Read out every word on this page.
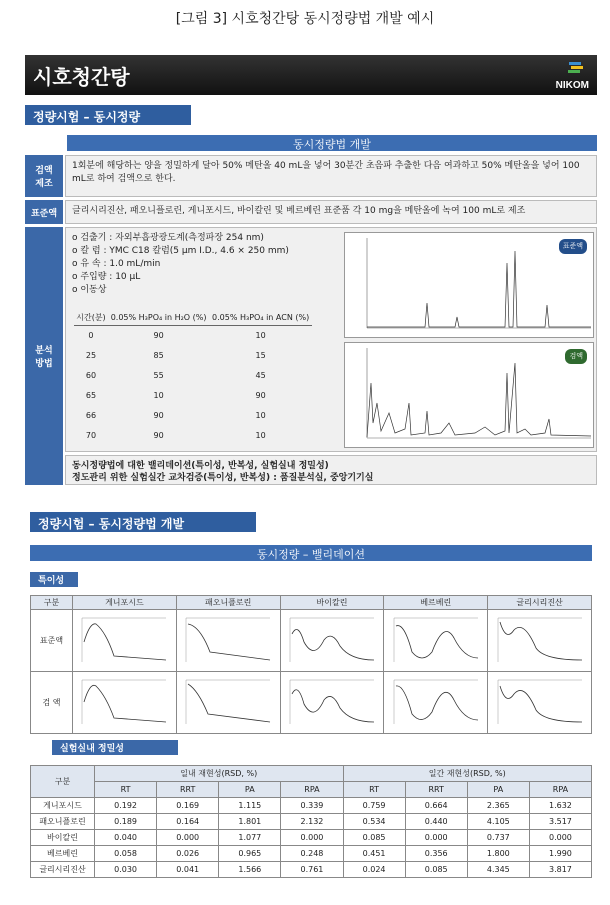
[그림 3] 시호청간탕 동시정량법 개발 예시
시호청간탕	NIKOM
정량시험 – 동시정량
동시정량법 개발
검액
제조
1회분에 해당하는 양을 정밀하게 달아 50% 메탄올 40 mL을 넣어 30분간 초음파 추출한 다음 여과하고 50% 메탄올을 넣어 100 mL로 하여 검액으로 한다.
표준액	글리시리진산, 패오니플로린, 게니포시드, 바이칼린 및 베르베린 표준품 각 10 mg을 메탄올에 녹여 100 mL로 제조
분석
방법
o 검출기 : 자외부흡광광도계(측정파장 254 nm)
o 칼 럼 : YMC C18 칼럼(5 μm I.D., 4.6 × 250 mm)
o 유 속 : 1.0 mL/min
o 주입량 : 10 μL
o 이동상
시간(분)	0.05% H₃PO₄ in H₂O (%)	0.05% H₃PO₄ in ACN (%)
0	90	10
25	85	15
60	55	45
65	10	90
66	90	10
70	90	10
표준액
검액
동시정량법에 대한 밸리데이션(특이성, 반복성, 실험실내 정밀성)
정도관리 위한 실험실간 교차검증(특이성, 반복성) : 품질분석실, 중앙기기실
정량시험 – 동시정량법 개발
동시정량 – 밸리데이션
특이성
구분	게니포시드	패오니플로린	바이칼린	베르베린	글리시리진산
표준액					
검 액					
실험실내 정밀성
구분	일내 재현성(RSD, %)				일간 재현성(RSD, %)			
	RT	RRT	PA	RPA	RT	RRT	PA	RPA
게니포시드	0.192	0.169	1.115	0.339	0.759	0.664	2.365	1.632
패오니플로린	0.189	0.164	1.801	2.132	0.534	0.440	4.105	3.517
바이칼린	0.040	0.000	1.077	0.000	0.085	0.000	0.737	0.000
베르베린	0.058	0.026	0.965	0.248	0.451	0.356	1.800	1.990
글리시리진산	0.030	0.041	1.566	0.761	0.024	0.085	4.345	3.817
